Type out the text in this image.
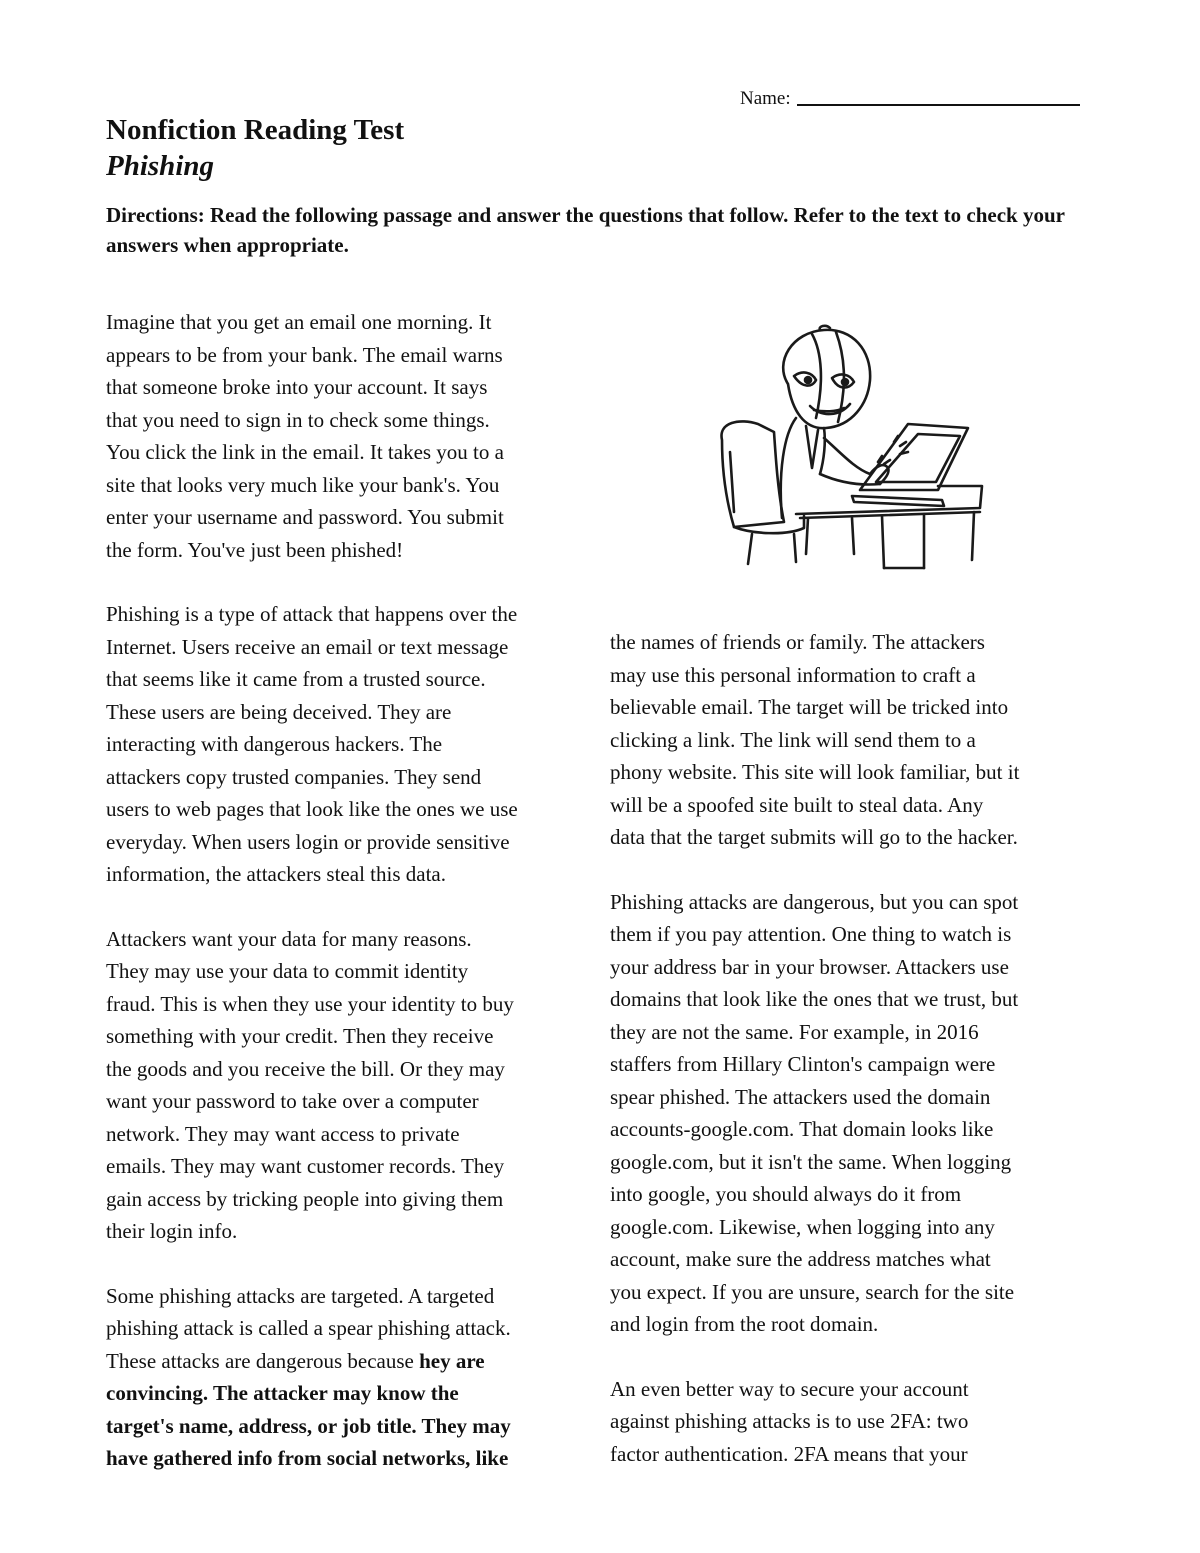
Name:
Nonfiction Reading Test
Phishing

Directions: Read the following passage and answer the questions that follow. Refer to the text to check your answers when appropriate.

Imagine that you get an email one morning. It
appears to be from your bank. The email warns
that someone broke into your account. It says
that you need to sign in to check some things.
You click the link in the email. It takes you to a
site that looks very much like your bank's. You
enter your username and password. You submit
the form. You've just been phished!

Phishing is a type of attack that happens over the
Internet. Users receive an email or text message
that seems like it came from a trusted source.
These users are being deceived. They are
interacting with dangerous hackers. The
attackers copy trusted companies. They send
users to web pages that look like the ones we use
everyday. When users login or provide sensitive
information, the attackers steal this data.

Attackers want your data for many reasons.
They may use your data to commit identity
fraud. This is when they use your identity to buy
something with your credit. Then they receive
the goods and you receive the bill. Or they may
want your password to take over a computer
network. They may want access to private
emails. They may want customer records. They
gain access by tricking people into giving them
their login info.

Some phishing attacks are targeted. A targeted
phishing attack is called a spear phishing attack.
These attacks are dangerous because hey are
convincing. The attacker may know the
target's name, address, or job title. They may
have gathered info from social networks, like

the names of friends or family. The attackers
may use this personal information to craft a
believable email. The target will be tricked into
clicking a link. The link will send them to a
phony website. This site will look familiar, but it
will be a spoofed site built to steal data. Any
data that the target submits will go to the hacker.

Phishing attacks are dangerous, but you can spot
them if you pay attention. One thing to watch is
your address bar in your browser. Attackers use
domains that look like the ones that we trust, but
they are not the same. For example, in 2016
staffers from Hillary Clinton's campaign were
spear phished. The attackers used the domain
accounts-google.com. That domain looks like
google.com, but it isn't the same. When logging
into google, you should always do it from
google.com. Likewise, when logging into any
account, make sure the address matches what
you expect. If you are unsure, search for the site
and login from the root domain.

An even better way to secure your account
against phishing attacks is to use 2FA: two
factor authentication. 2FA means that your
